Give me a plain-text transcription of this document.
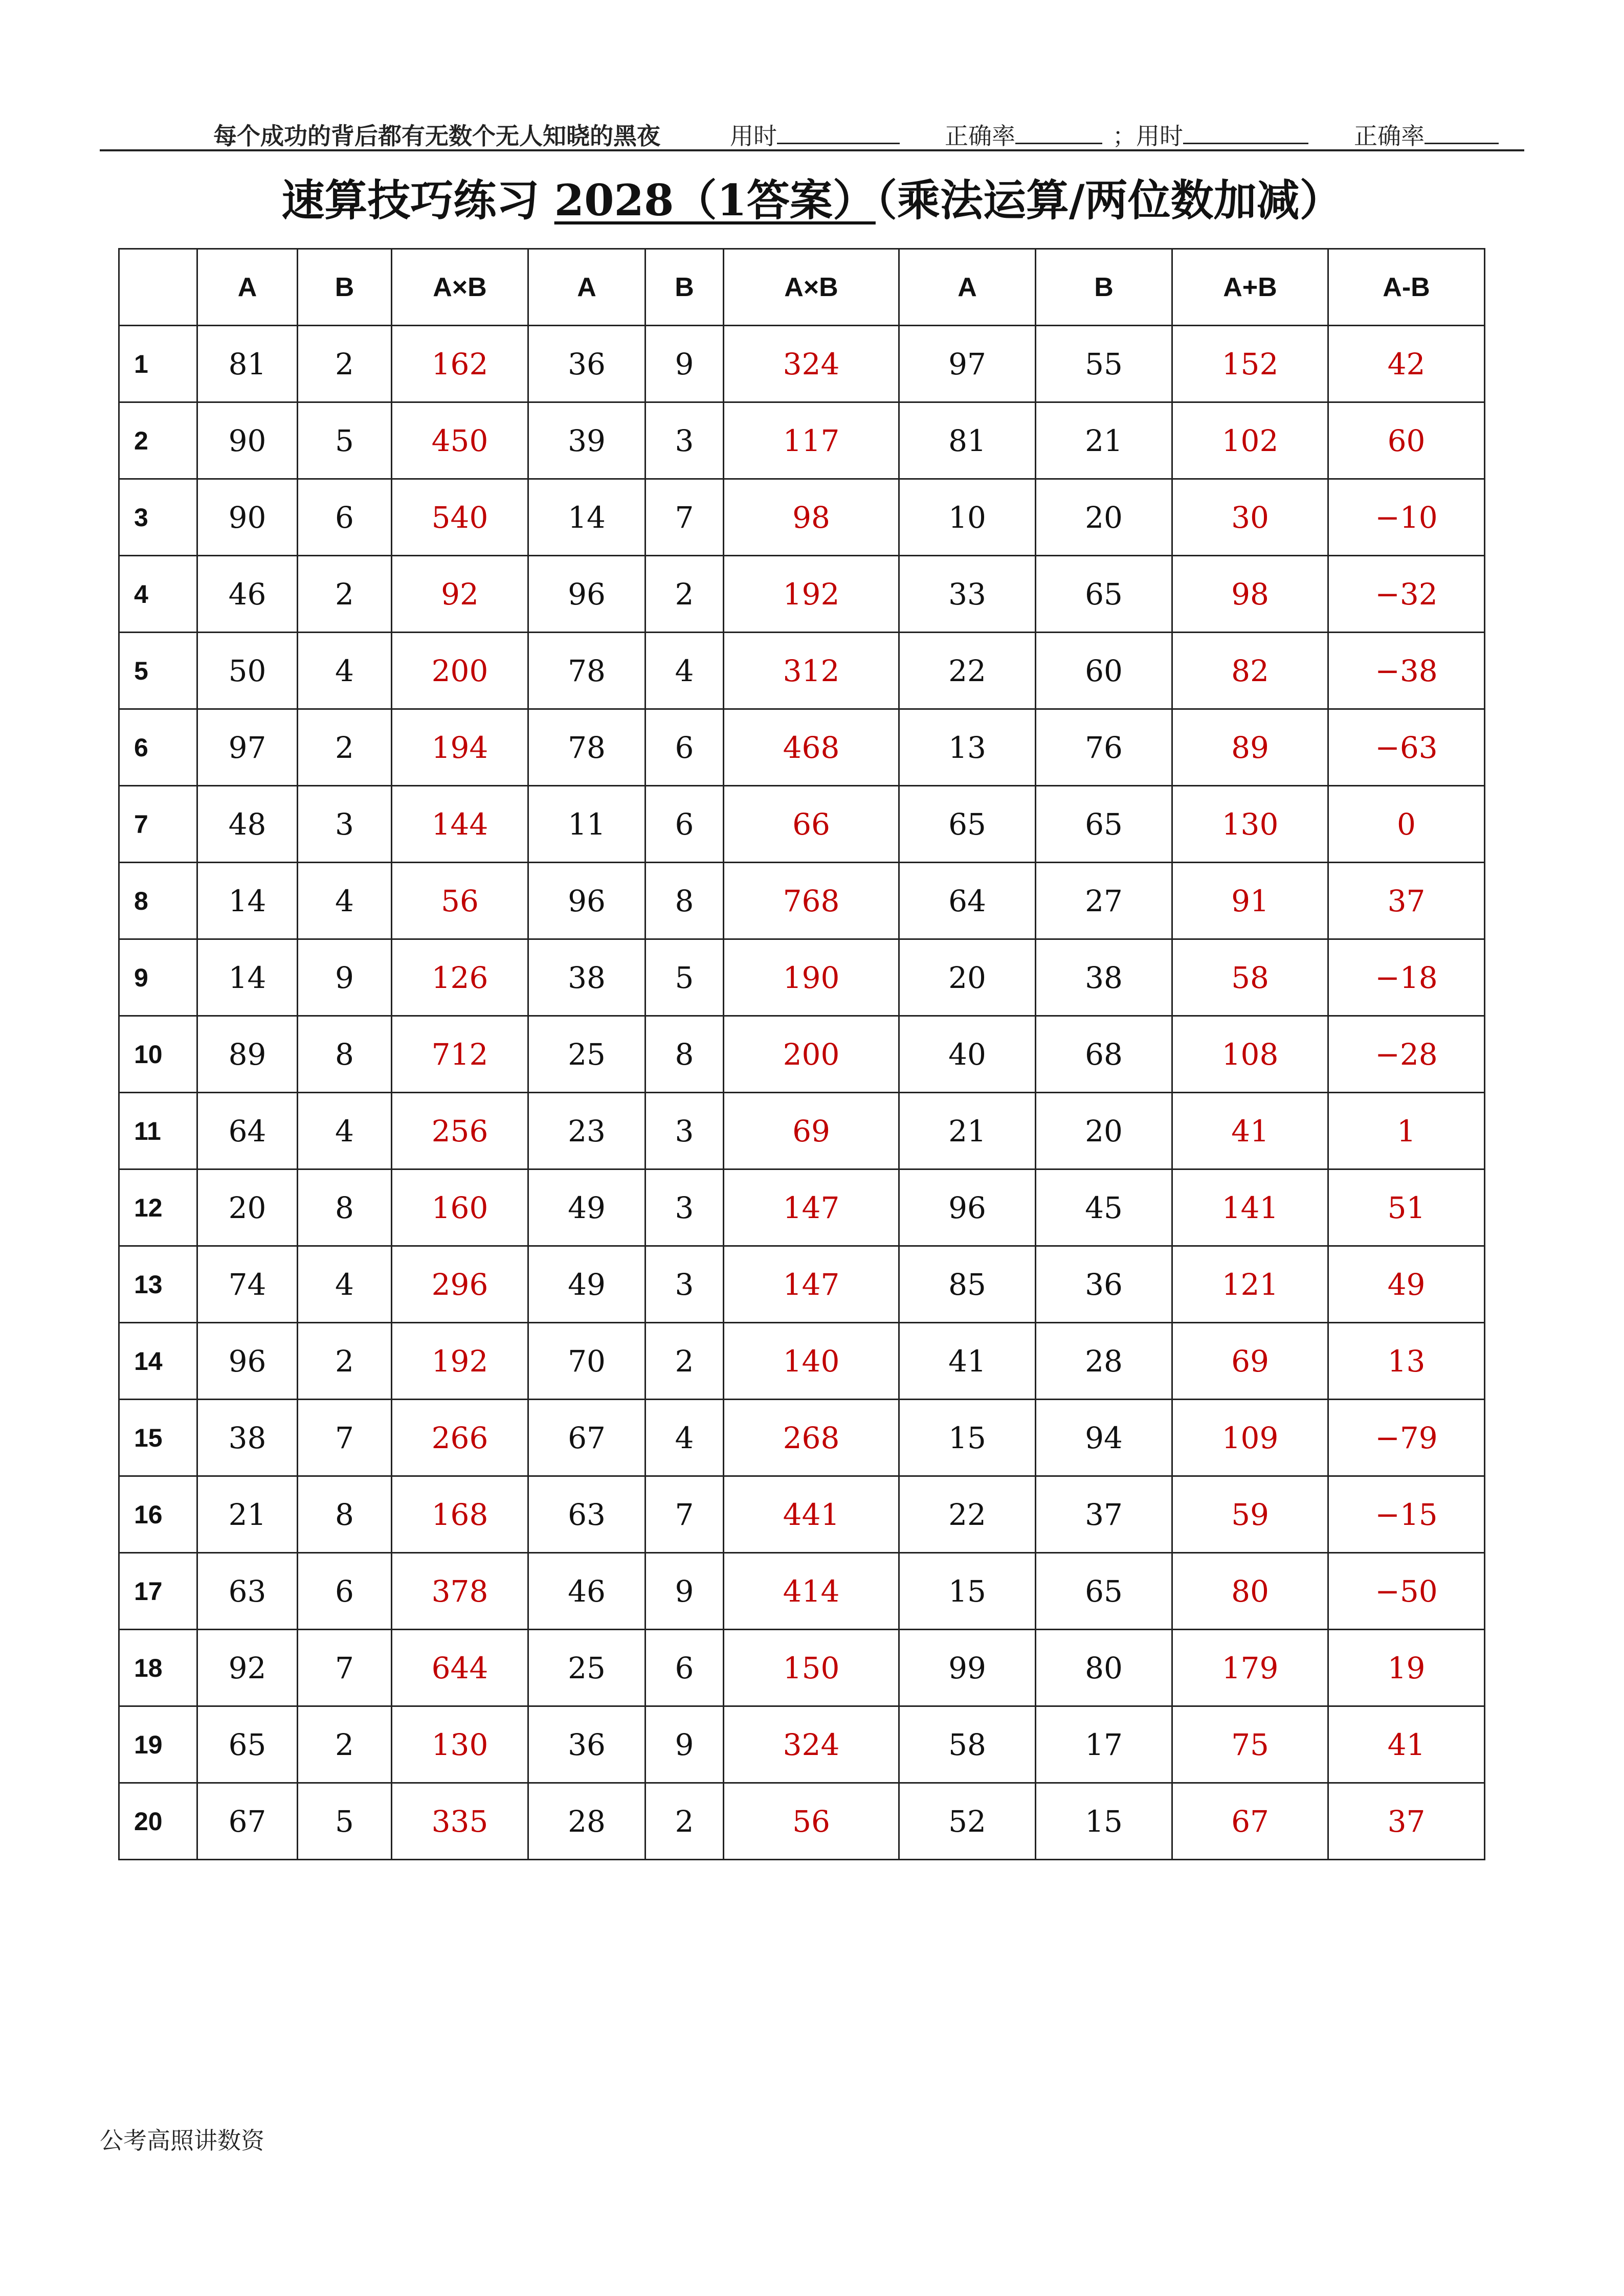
每个成功的背后都有无数个无人知晓的黑夜	用时	正确率	；用时	正确率
速算技巧练习 2028（1答案）（乘法运算/两位数加减）
	A	B	A×B	A	B	A×B	A	B	A+B	A-B
1	81	2	162	36	9	324	97	55	152	42
2	90	5	450	39	3	117	81	21	102	60
3	90	6	540	14	7	98	10	20	30	−10
4	46	2	92	96	2	192	33	65	98	−32
5	50	4	200	78	4	312	22	60	82	−38
6	97	2	194	78	6	468	13	76	89	−63
7	48	3	144	11	6	66	65	65	130	0
8	14	4	56	96	8	768	64	27	91	37
9	14	9	126	38	5	190	20	38	58	−18
10	89	8	712	25	8	200	40	68	108	−28
11	64	4	256	23	3	69	21	20	41	1
12	20	8	160	49	3	147	96	45	141	51
13	74	4	296	49	3	147	85	36	121	49
14	96	2	192	70	2	140	41	28	69	13
15	38	7	266	67	4	268	15	94	109	−79
16	21	8	168	63	7	441	22	37	59	−15
17	63	6	378	46	9	414	15	65	80	−50
18	92	7	644	25	6	150	99	80	179	19
19	65	2	130	36	9	324	58	17	75	41
20	67	5	335	28	2	56	52	15	67	37
公考高照讲数资
